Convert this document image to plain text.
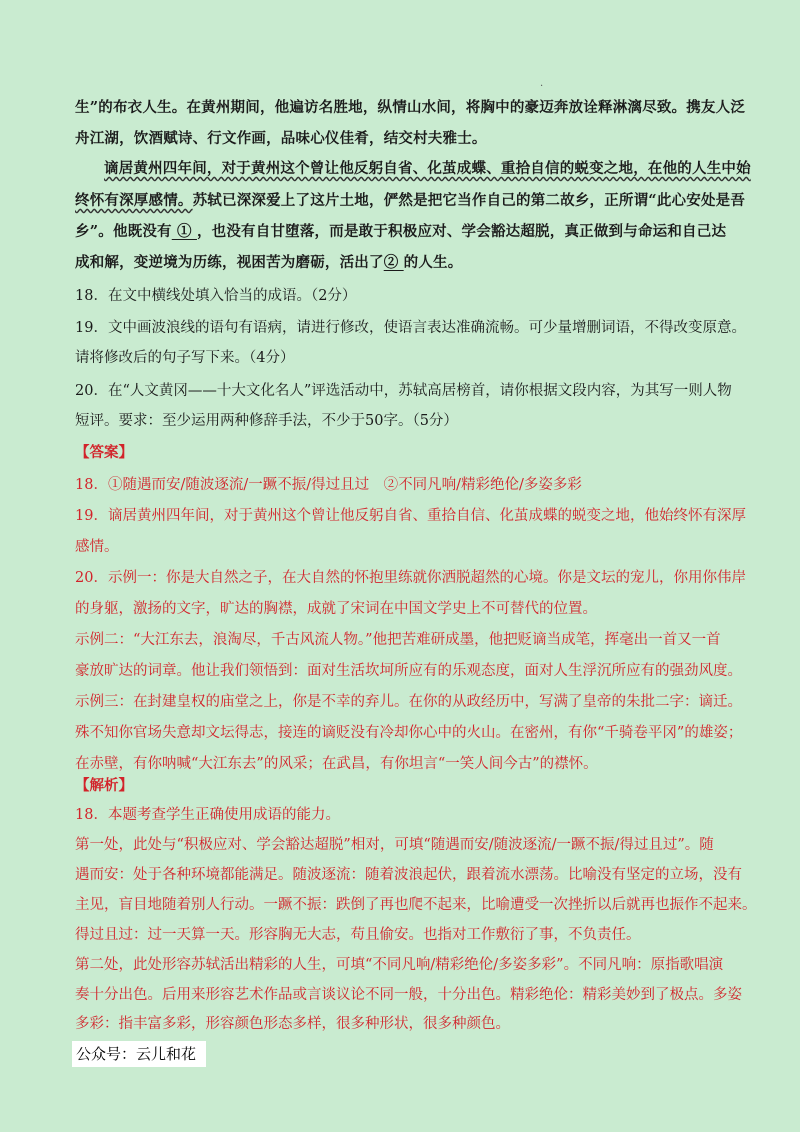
.
生”的布衣人生。在黄州期间，他遍访名胜地，纵情山水间，将胸中的豪迈奔放诠释淋漓尽致。携友人泛
舟江湖，饮酒赋诗、行文作画，品味心仪佳肴，结交村夫雅士。
谪居黄州四年间，对于黄州这个曾让他反躬自省、化茧成蝶、重拾自信的蜕变之地，在他的人生中始
终怀有深厚感情。苏轼已深深爱上了这片土地，俨然是把它当作自己的第二故乡，正所谓“此心安处是吾
乡”。他既没有 ① ，也没有自甘堕落，而是敢于积极应对、学会豁达超脱，真正做到与命运和自己达
成和解，变逆境为历练，视困苦为磨砺，活出了② 的人生。
18．在文中横线处填入恰当的成语。（2分）
19．文中画波浪线的语句有语病，请进行修改，使语言表达准确流畅。可少量增删词语，不得改变原意。
请将修改后的句子写下来。（4分）
20．在“人文黄冈——十大文化名人”评选活动中，苏轼高居榜首，请你根据文段内容，为其写一则人物
短评。要求：至少运用两种修辞手法，不少于50字。（5分）
【答案】
18．①随遇而安/随波逐流/一蹶不振/得过且过　②不同凡响/精彩绝伦/多姿多彩
19．谪居黄州四年间，对于黄州这个曾让他反躬自省、重拾自信、化茧成蝶的蜕变之地，他始终怀有深厚
感情。
20．示例一：你是大自然之子，在大自然的怀抱里练就你洒脱超然的心境。你是文坛的宠儿，你用你伟岸
的身躯，激扬的文字，旷达的胸襟，成就了宋词在中国文学史上不可替代的位置。
示例二：“大江东去，浪淘尽，千古风流人物。”他把苦难研成墨，他把贬谪当成笔，挥毫出一首又一首
豪放旷达的词章。他让我们领悟到：面对生活坎坷所应有的乐观态度，面对人生浮沉所应有的强劲风度。
示例三：在封建皇权的庙堂之上，你是不幸的弃儿。在你的从政经历中，写满了皇帝的朱批二字：谪迁。
殊不知你官场失意却文坛得志，接连的谪贬没有冷却你心中的火山。在密州，有你“千骑卷平冈”的雄姿；
在赤壁，有你呐喊“大江东去”的风采；在武昌，有你坦言“一笑人间今古”的襟怀。
【解析】
18．本题考查学生正确使用成语的能力。
第一处，此处与“积极应对、学会豁达超脱”相对，可填“随遇而安/随波逐流/一蹶不振/得过且过”。随
遇而安：处于各种环境都能满足。随波逐流：随着波浪起伏，跟着流水漂荡。比喻没有坚定的立场，没有
主见，盲目地随着别人行动。一蹶不振：跌倒了再也爬不起来，比喻遭受一次挫折以后就再也振作不起来。
得过且过：过一天算一天。形容胸无大志，苟且偷安。也指对工作敷衍了事，不负责任。
第二处，此处形容苏轼活出精彩的人生，可填“不同凡响/精彩绝伦/多姿多彩”。不同凡响：原指歌唱演
奏十分出色。后用来形容艺术作品或言谈议论不同一般，十分出色。精彩绝伦：精彩美妙到了极点。多姿
公众号：云儿和花
多彩：指丰富多彩，形容颜色形态多样，很多种形状，很多种颜色。
